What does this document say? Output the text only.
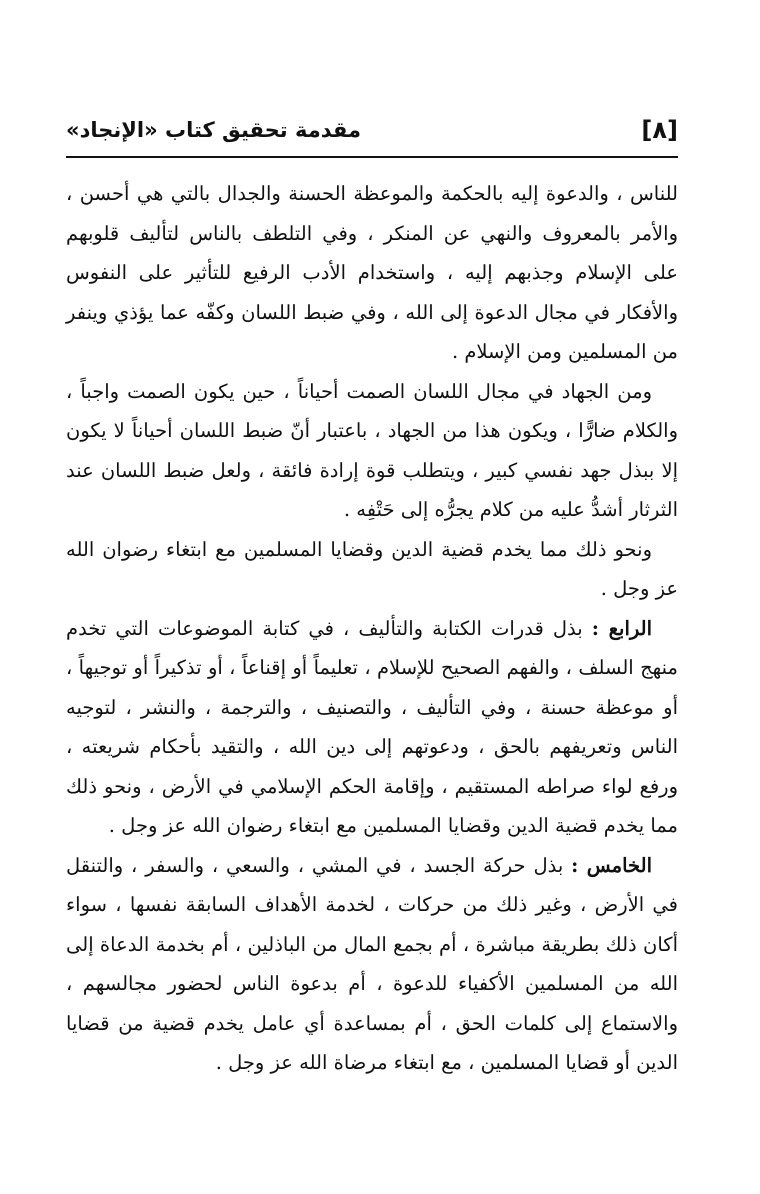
[٨]
مقدمة تحقيق كتاب «الإنجاد»

للناس ، والدعوة إليه بالحكمة والموعظة الحسنة والجدال بالتي هي أحسن ، والأمر بالمعروف والنهي عن المنكر ، وفي التلطف بالناس لتأليف قلوبهم على الإسلام وجذبهم إليه ، واستخدام الأدب الرفيع للتأثير على النفوس والأفكار في مجال الدعوة إلى الله ، وفي ضبط اللسان وكفّه عما يؤذي وينفر من المسلمين ومن الإسلام .

ومن الجهاد في مجال اللسان الصمت أحياناً ، حين يكون الصمت واجباً ، والكلام ضارًّا ، ويكون هذا من الجهاد ، باعتبار أنّ ضبط اللسان أحياناً لا يكون إلا ببذل جهد نفسي كبير ، ويتطلب قوة إرادة فائقة ، ولعل ضبط اللسان عند الثرثار أشدُّ عليه من كلام يجرُّه إلى حَتْفِه .

ونحو ذلك مما يخدم قضية الدين وقضايا المسلمين مع ابتغاء رضوان الله عز وجل .

الرابع : بذل قدرات الكتابة والتأليف ، في كتابة الموضوعات التي تخدم منهج السلف ، والفهم الصحيح للإسلام ، تعليماً أو إقناعاً ، أو تذكيراً أو توجيهاً ، أو موعظة حسنة ، وفي التأليف ، والتصنيف ، والترجمة ، والنشر ، لتوجيه الناس وتعريفهم بالحق ، ودعوتهم إلى دين الله ، والتقيد بأحكام شريعته ، ورفع لواء صراطه المستقيم ، وإقامة الحكم الإسلامي في الأرض ، ونحو ذلك مما يخدم قضية الدين وقضايا المسلمين مع ابتغاء رضوان الله عز وجل .

الخامس : بذل حركة الجسد ، في المشي ، والسعي ، والسفر ، والتنقل في الأرض ، وغير ذلك من حركات ، لخدمة الأهداف السابقة نفسها ، سواء أكان ذلك بطريقة مباشرة ، أم بجمع المال من الباذلين ، أم بخدمة الدعاة إلى الله من المسلمين الأكفياء للدعوة ، أم بدعوة الناس لحضور مجالسهم ، والاستماع إلى كلمات الحق ، أم بمساعدة أي عامل يخدم قضية من قضايا الدين أو قضايا المسلمين ، مع ابتغاء مرضاة الله عز وجل .
